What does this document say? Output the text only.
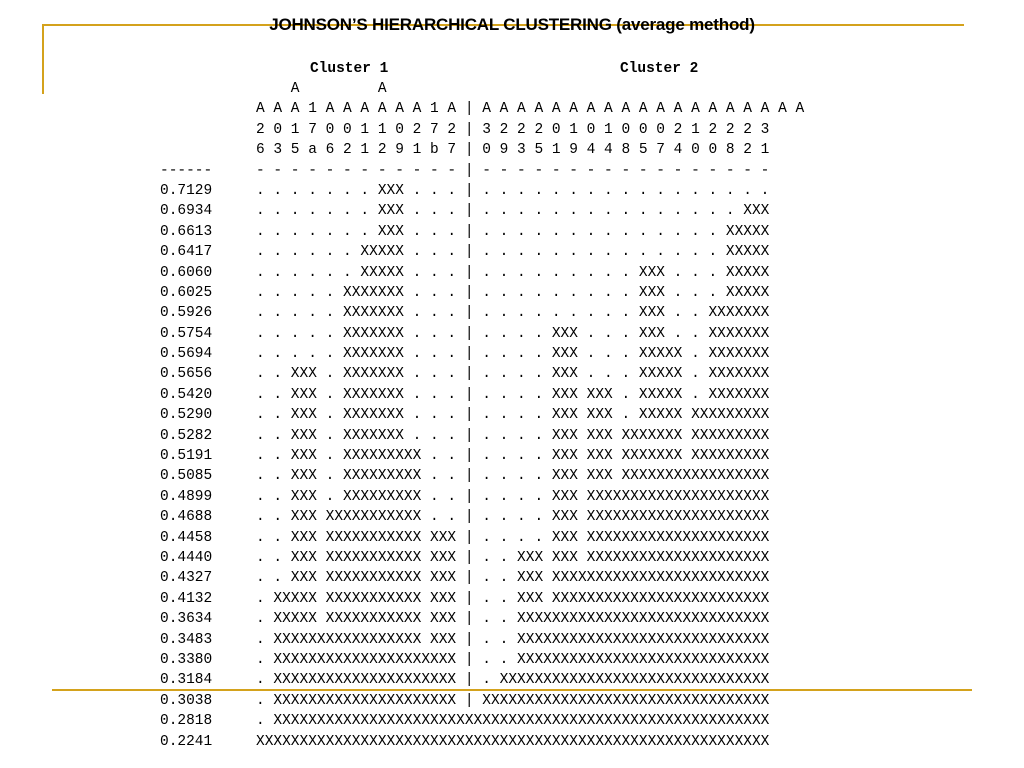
JOHNSON’S HIERARCHICAL CLUSTERING (average method)
Cluster 1	Cluster 2
A         A
A A A 1 A A A A A A 1 A | A A A A A A A A A A A A A A A A A A A
2 0 1 7 0 0 1 1 0 2 7 2 | 3 2 2 2 0 1 0 1 0 0 0 2 1 2 2 2 3
6 3 5 a 6 2 1 2 9 1 b 7 | 0 9 3 5 1 9 4 4 8 5 7 4 0 0 8 2 1
------	- - - - - - - - - - - - | - - - - - - - - - - - - - - - - -
0.7129	. . . . . . . XXX . . . | . . . . . . . . . . . . . . . . .
0.6934	. . . . . . . XXX . . . | . . . . . . . . . . . . . . . XXX
0.6613	. . . . . . . XXX . . . | . . . . . . . . . . . . . . XXXXX
0.6417	. . . . . . XXXXX . . . | . . . . . . . . . . . . . . XXXXX
0.6060	. . . . . . XXXXX . . . | . . . . . . . . . XXX . . . XXXXX
0.6025	. . . . . XXXXXXX . . . | . . . . . . . . . XXX . . . XXXXX
0.5926	. . . . . XXXXXXX . . . | . . . . . . . . . XXX . . XXXXXXX
0.5754	. . . . . XXXXXXX . . . | . . . . XXX . . . XXX . . XXXXXXX
0.5694	. . . . . XXXXXXX . . . | . . . . XXX . . . XXXXX . XXXXXXX
0.5656	. . XXX . XXXXXXX . . . | . . . . XXX . . . XXXXX . XXXXXXX
0.5420	. . XXX . XXXXXXX . . . | . . . . XXX XXX . XXXXX . XXXXXXX
0.5290	. . XXX . XXXXXXX . . . | . . . . XXX XXX . XXXXX XXXXXXXXX
0.5282	. . XXX . XXXXXXX . . . | . . . . XXX XXX XXXXXXX XXXXXXXXX
0.5191	. . XXX . XXXXXXXXX . . | . . . . XXX XXX XXXXXXX XXXXXXXXX
0.5085	. . XXX . XXXXXXXXX . . | . . . . XXX XXX XXXXXXXXXXXXXXXXX
0.4899	. . XXX . XXXXXXXXX . . | . . . . XXX XXXXXXXXXXXXXXXXXXXXX
0.4688	. . XXX XXXXXXXXXXX . . | . . . . XXX XXXXXXXXXXXXXXXXXXXXX
0.4458	. . XXX XXXXXXXXXXX XXX | . . . . XXX XXXXXXXXXXXXXXXXXXXXX
0.4440	. . XXX XXXXXXXXXXX XXX | . . XXX XXX XXXXXXXXXXXXXXXXXXXXX
0.4327	. . XXX XXXXXXXXXXX XXX | . . XXX XXXXXXXXXXXXXXXXXXXXXXXXX
0.4132	. XXXXX XXXXXXXXXXX XXX | . . XXX XXXXXXXXXXXXXXXXXXXXXXXXX
0.3634	. XXXXX XXXXXXXXXXX XXX | . . XXXXXXXXXXXXXXXXXXXXXXXXXXXXX
0.3483	. XXXXXXXXXXXXXXXXX XXX | . . XXXXXXXXXXXXXXXXXXXXXXXXXXXXX
0.3380	. XXXXXXXXXXXXXXXXXXXXX | . . XXXXXXXXXXXXXXXXXXXXXXXXXXXXX
0.3184	. XXXXXXXXXXXXXXXXXXXXX | . XXXXXXXXXXXXXXXXXXXXXXXXXXXXXXX
0.3038	. XXXXXXXXXXXXXXXXXXXXX | XXXXXXXXXXXXXXXXXXXXXXXXXXXXXXXXX
0.2818	. XXXXXXXXXXXXXXXXXXXXXXXXXXXXXXXXXXXXXXXXXXXXXXXXXXXXXXXXX
0.2241	XXXXXXXXXXXXXXXXXXXXXXXXXXXXXXXXXXXXXXXXXXXXXXXXXXXXXXXXXXX
